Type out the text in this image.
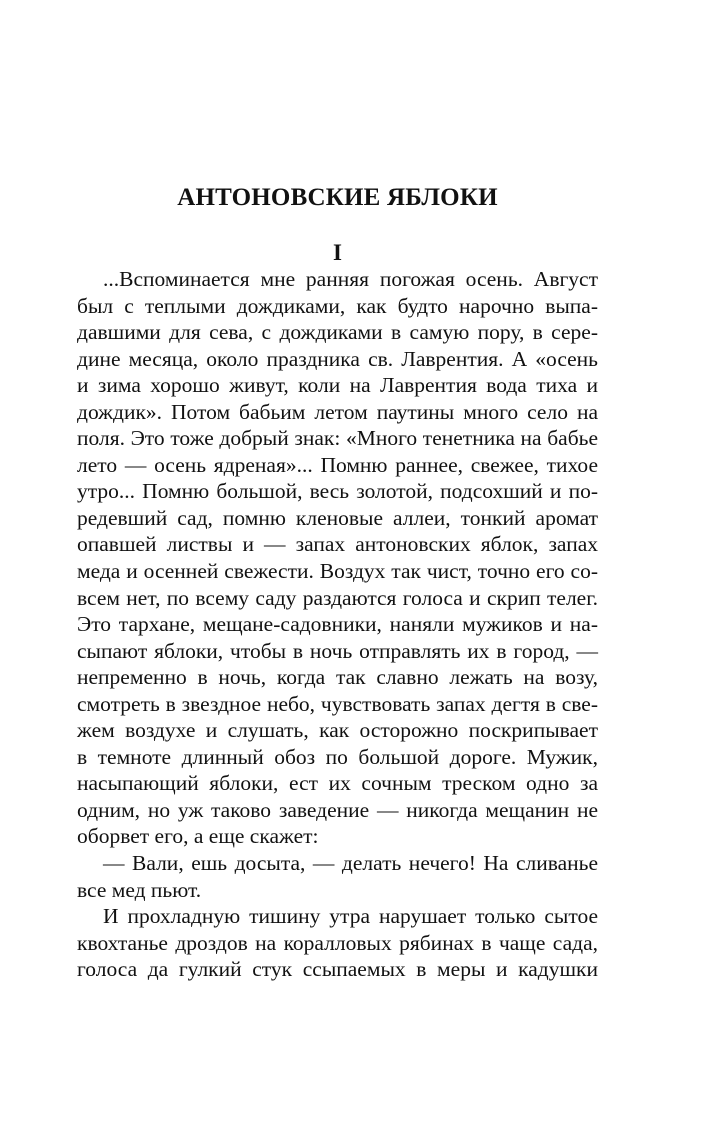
АНТОНОВСКИЕ ЯБЛОКИ
I
...Вспоминается мне ранняя погожая осень. Август
был с теплыми дождиками, как будто нарочно выпа-
давшими для сева, с дождиками в самую пору, в сере-
дине месяца, около праздника св. Лаврентия. А «осень
и зима хорошо живут, коли на Лаврентия вода тиха и
дождик». Потом бабьим летом паутины много село на
поля. Это тоже добрый знак: «Много тенетника на бабье
лето — осень ядреная»... Помню раннее, свежее, тихое
утро... Помню большой, весь золотой, подсохший и по-
редевший сад, помню кленовые аллеи, тонкий аромат
опавшей листвы и — запах антоновских яблок, запах
меда и осенней свежести. Воздух так чист, точно его со-
всем нет, по всему саду раздаются голоса и скрип телег.
Это тархане, мещане-садовники, наняли мужиков и на-
сыпают яблоки, чтобы в ночь отправлять их в город, —
непременно в ночь, когда так славно лежать на возу,
смотреть в звездное небо, чувствовать запах дегтя в све-
жем воздухе и слушать, как осторожно поскрипывает
в темноте длинный обоз по большой дороге. Мужик,
насыпающий яблоки, ест их сочным треском одно за
одним, но уж таково заведение — никогда мещанин не
оборвет его, а еще скажет:
— Вали, ешь досыта, — делать нечего! На сливанье
все мед пьют.
И прохладную тишину утра нарушает только сытое
квохтанье дроздов на коралловых рябинах в чаще сада,
голоса да гулкий стук ссыпаемых в меры и кадушки
